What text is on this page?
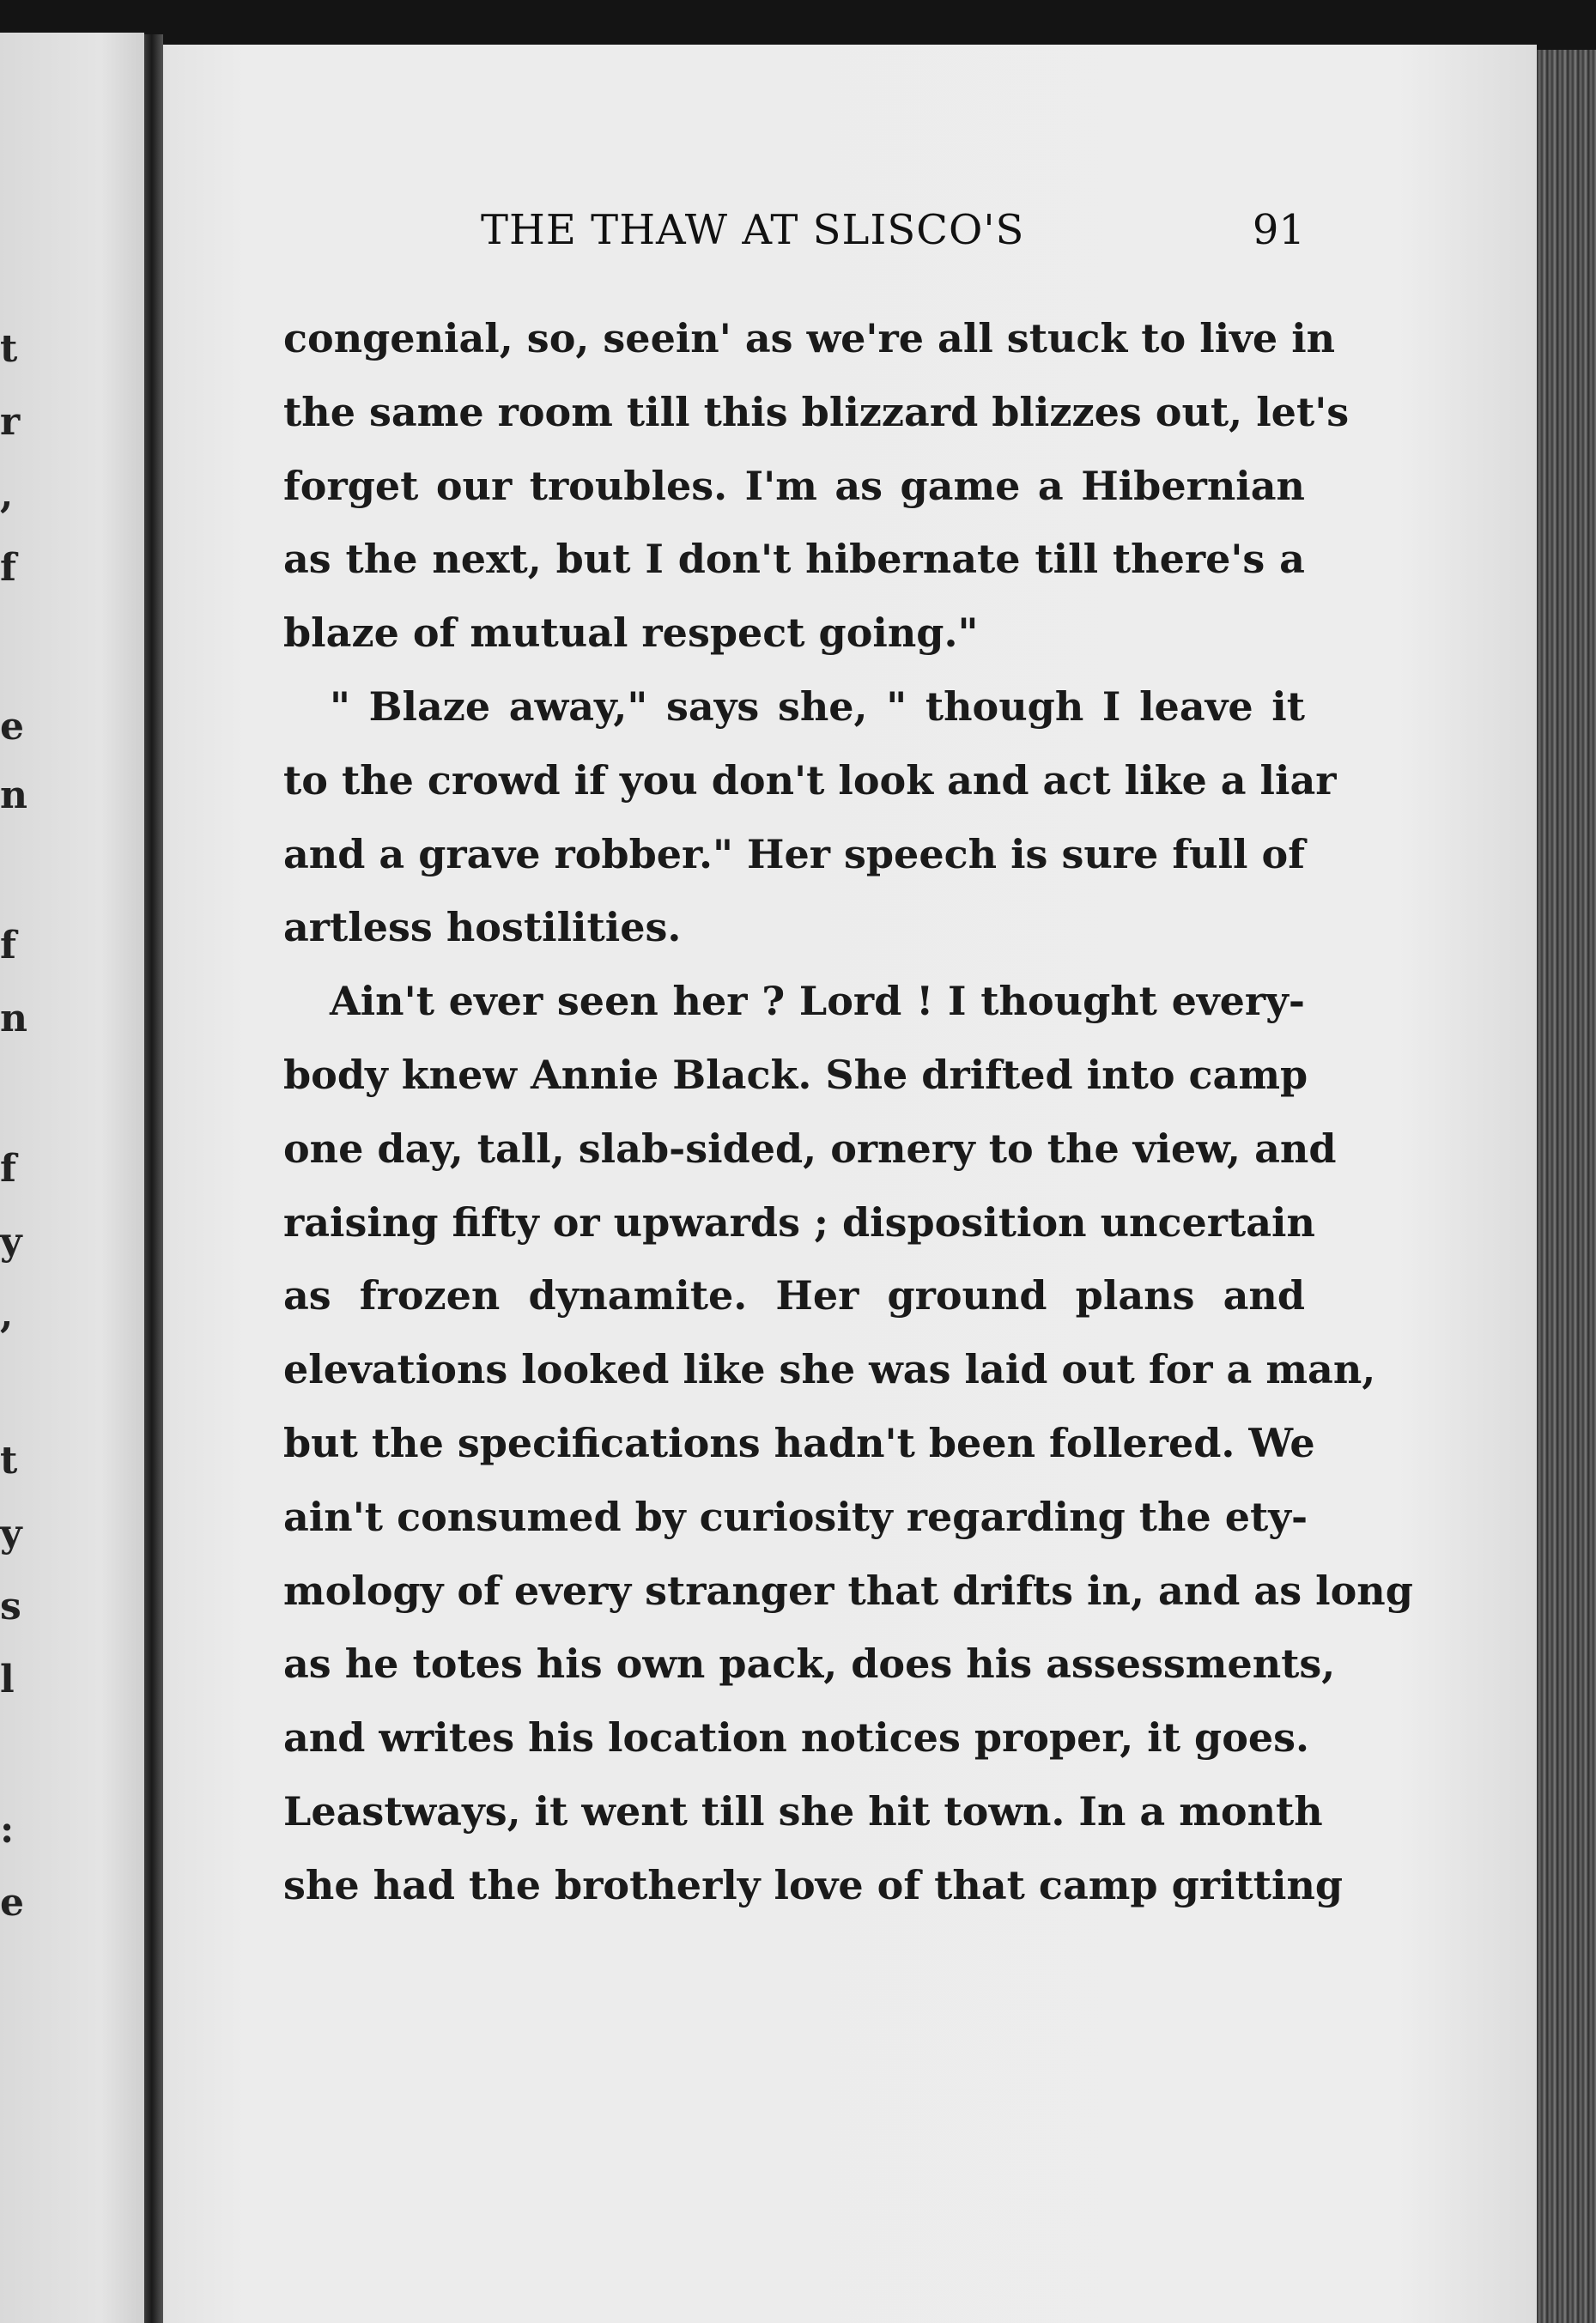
t
r
,
f
e
n
f
n
f
y
,
t
y
s
l
:
e
THE THAW AT SLISCO'S	91
congenial, so, seein' as we're all stuck to live in
the same room till this blizzard blizzes out, let's
forget our troubles. I'm as game a Hibernian
as the next, but I don't hibernate till there's a
blaze of mutual respect going."
" Blaze away," says she, " though I leave it
to the crowd if you don't look and act like a liar
and a grave robber." Her speech is sure full of
artless hostilities.
Ain't ever seen her ? Lord ! I thought every-
body knew Annie Black. She drifted into camp
one day, tall, slab-sided, ornery to the view, and
raising fifty or upwards ; disposition uncertain
as frozen dynamite. Her ground plans and
elevations looked like she was laid out for a man,
but the specifications hadn't been follered. We
ain't consumed by curiosity regarding the ety-
mology of every stranger that drifts in, and as long
as he totes his own pack, does his assessments,
and writes his location notices proper, it goes.
Leastways, it went till she hit town. In a month
she had the brotherly love of that camp gritting
